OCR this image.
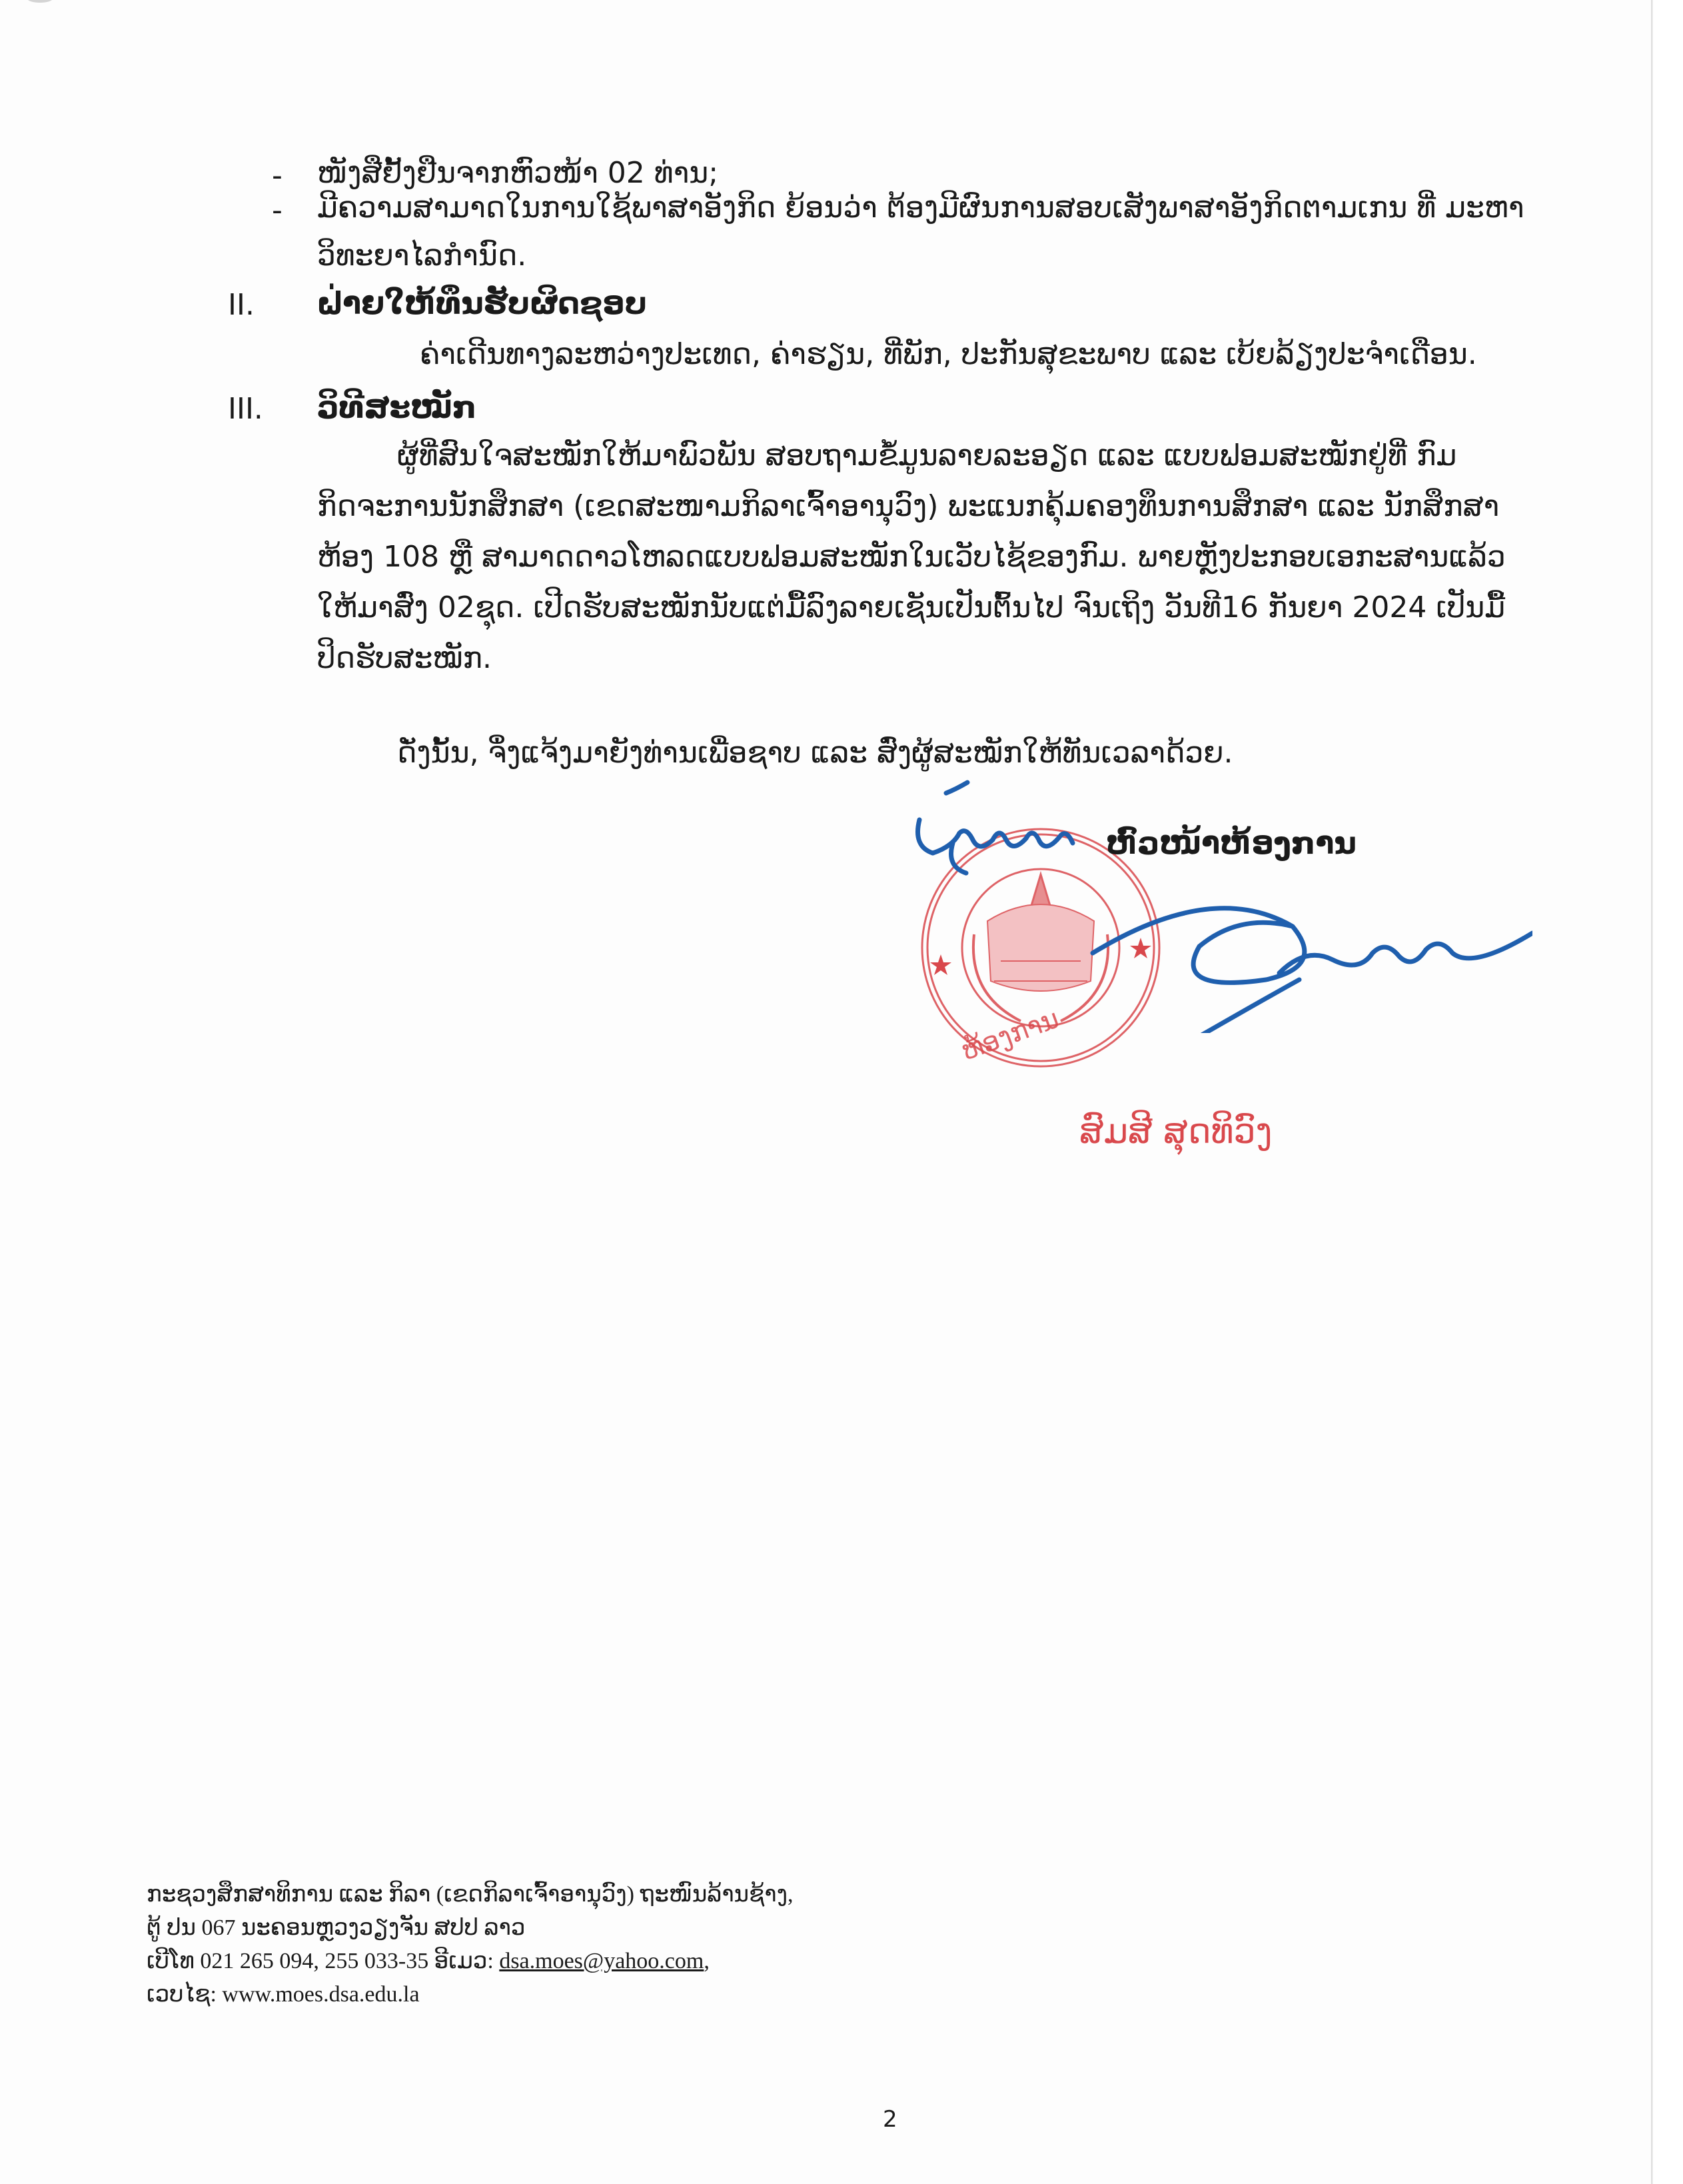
- ໜັງສືຢັ້ງຢືນຈາກຫົວໜ້າ 02 ທ່ານ;
- ມີຄວາມສາມາດໃນການໃຊ້ພາສາອັງກິດ ຍ້ອນວ່າ ຕ້ອງມີຜົນການສອບເສັງພາສາອັງກິດຕາມເກນ ທີ່ ມະຫາ
ວິທະຍາໄລກຳນົດ.
II. ຝ່າຍໃຫ້ທຶນຮັບຜິດຊອບ
ຄ່າເດີນທາງລະຫວ່າງປະເທດ, ຄ່າຮຽນ, ທີ່ພັກ, ປະກັນສຸຂະພາບ ແລະ ເບ້ຍລ້ຽງປະຈຳເດືອນ.
III. ວິທີສະໝັກ
ຜູ້ທີ່ສົນໃຈສະໝັກໃຫ້ມາພົວພັນ ສອບຖາມຂໍ້ມູນລາຍລະອຽດ ແລະ ແບບຟອມສະໝັກຢູ່ທີ່ ກົມ
ກິດຈະການນັກສຶກສາ (ເຂດສະໜາມກິລາເຈົ້າອານຸວົງ) ພະແນກຄຸ້ມຄອງທຶນການສຶກສາ ແລະ ນັກສຶກສາ
ຫ້ອງ 108 ຫຼື ສາມາດດາວໂຫລດແບບຟອມສະໝັກໃນເວັບໄຊ້ຂອງກົມ. ພາຍຫຼັງປະກອບເອກະສານແລ້ວ
ໃຫ້ມາສົ່ງ 02ຊຸດ. ເປີດຮັບສະໝັກນັບແຕ່ມື້ລົງລາຍເຊັນເປັນຕົ້ນໄປ ຈົນເຖິງ ວັນທີ16 ກັນຍາ 2024 ເປັນມື້
ປິດຮັບສະໝັກ.
ດັ່ງນັ້ນ, ຈຶ່ງແຈ້ງມາຍັງທ່ານເພື່ອຊາບ ແລະ ສົ່ງຜູ້ສະໝັກໃຫ້ທັນເວລາດ້ວຍ.
ຫ້ອງການ
ຫົວໜ້າຫ້ອງການ
ສົມສີ ສຸດທິວົງ
ກະຊວງສຶກສາທິການ ແລະ ກິລາ (ເຂດກິລາເຈົ້າອານຸວົງ) ຖະໜົນລ້ານຊ້າງ,
ຕູ້ ປນ 067 ນະຄອນຫຼວງວຽງຈັນ ສປປ ລາວ
ເບີໂທ 021 265 094, 255 033-35 ອີເມວ: dsa.moes@yahoo.com,
ເວບໄຊ: www.moes.dsa.edu.la
2
